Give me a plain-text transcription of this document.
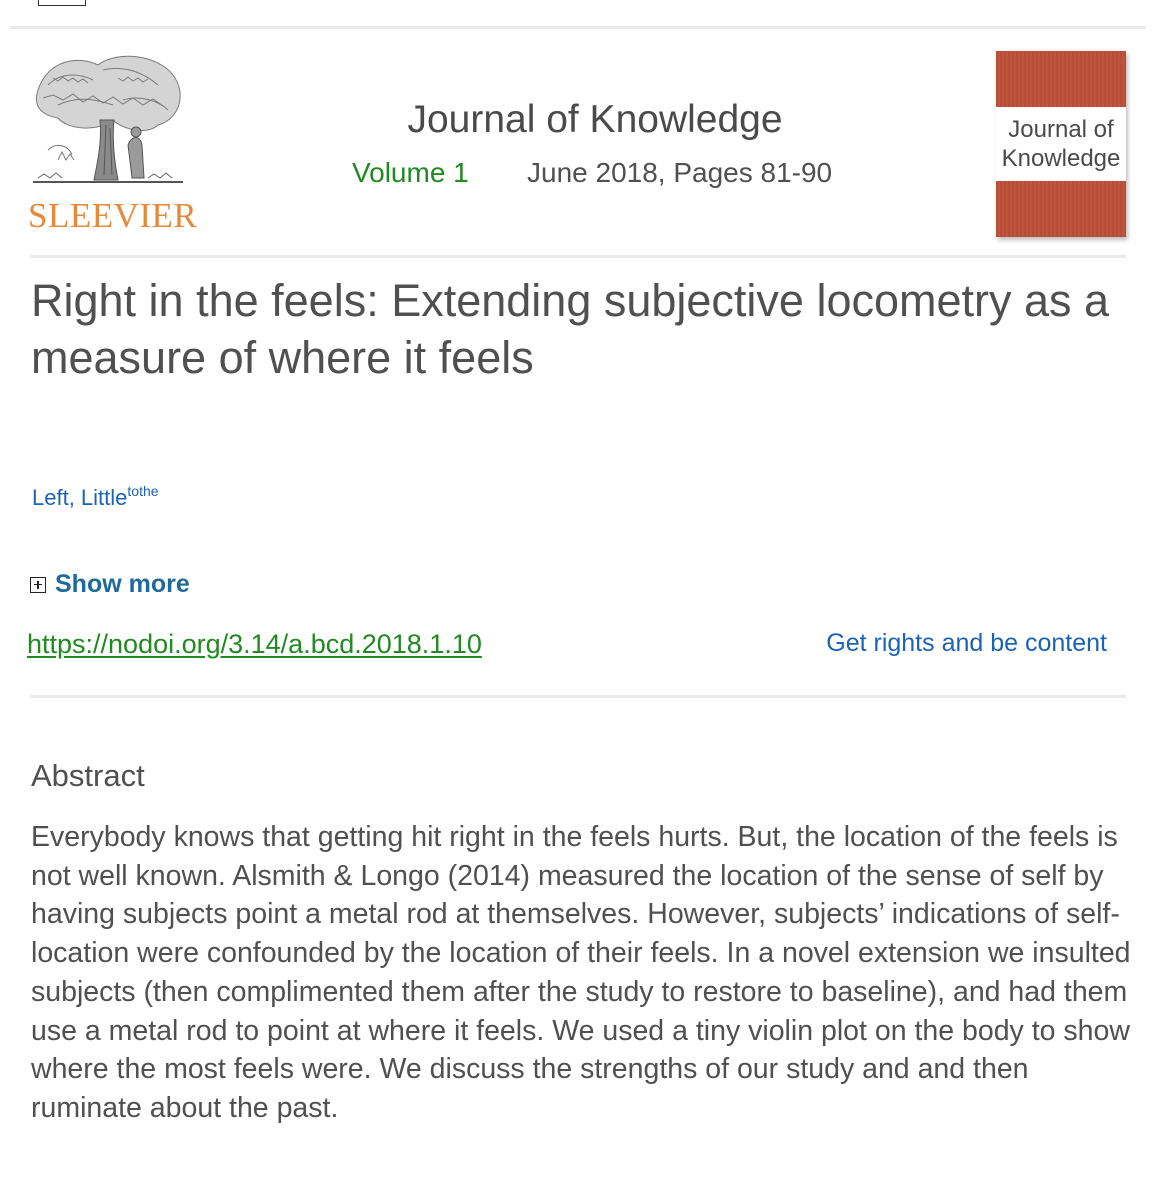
SLEEVIER
Journal of Knowledge
Volume 1 June 2018, Pages 81-90
Journal of Knowledge
Right in the feels: Extending subjective locometry as a measure of where it feels
Left, Little$^{tothe}$
Show more
https://nodoi.org/3.14/a.bcd.2018.1.10	Get rights and be content
Abstract

Everybody knows that getting hit right in the feels hurts. But, the location of the feels is not well known. Alsmith & Longo (2014) measured the location of the sense of self by having subjects point a metal rod at themselves. However, subjects’ indications of self-location were confounded by the location of their feels. In a novel extension we insulted subjects (then complimented them after the study to restore to baseline), and had them use a metal rod to point at where it feels. We used a tiny violin plot on the body to show where the most feels were. We discuss the strengths of our study and and then ruminate about the past.
